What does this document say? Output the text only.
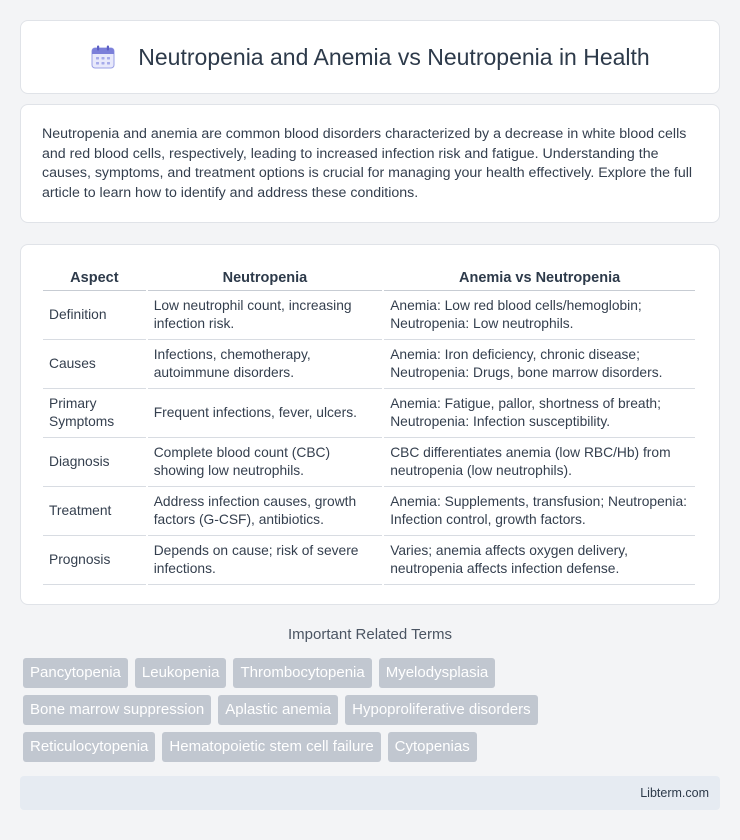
Neutropenia and Anemia vs Neutropenia in Health

Neutropenia and anemia are common blood disorders characterized by a decrease in white blood cells and red blood cells, respectively, leading to increased infection risk and fatigue. Understanding the causes, symptoms, and treatment options is crucial for managing your health effectively. Explore the full article to learn how to identify and address these conditions.

Aspect	Neutropenia	Anemia vs Neutropenia
Definition	Low neutrophil count, increasing infection risk.	Anemia: Low red blood cells/hemoglobin; Neutropenia: Low neutrophils.
Causes	Infections, chemotherapy, autoimmune disorders.	Anemia: Iron deficiency, chronic disease; Neutropenia: Drugs, bone marrow disorders.
Primary Symptoms	Frequent infections, fever, ulcers.	Anemia: Fatigue, pallor, shortness of breath; Neutropenia: Infection susceptibility.
Diagnosis	Complete blood count (CBC) showing low neutrophils.	CBC differentiates anemia (low RBC/Hb) from neutropenia (low neutrophils).
Treatment	Address infection causes, growth factors (G-CSF), antibiotics.	Anemia: Supplements, transfusion; Neutropenia: Infection control, growth factors.
Prognosis	Depends on cause; risk of severe infections.	Varies; anemia affects oxygen delivery, neutropenia affects infection defense.
Important Related Terms
Pancytopenia	Leukopenia	Thrombocytopenia	Myelodysplasia
Bone marrow suppression	Aplastic anemia	Hypoproliferative disorders
Reticulocytopenia	Hematopoietic stem cell failure	Cytopenias
Libterm.com
